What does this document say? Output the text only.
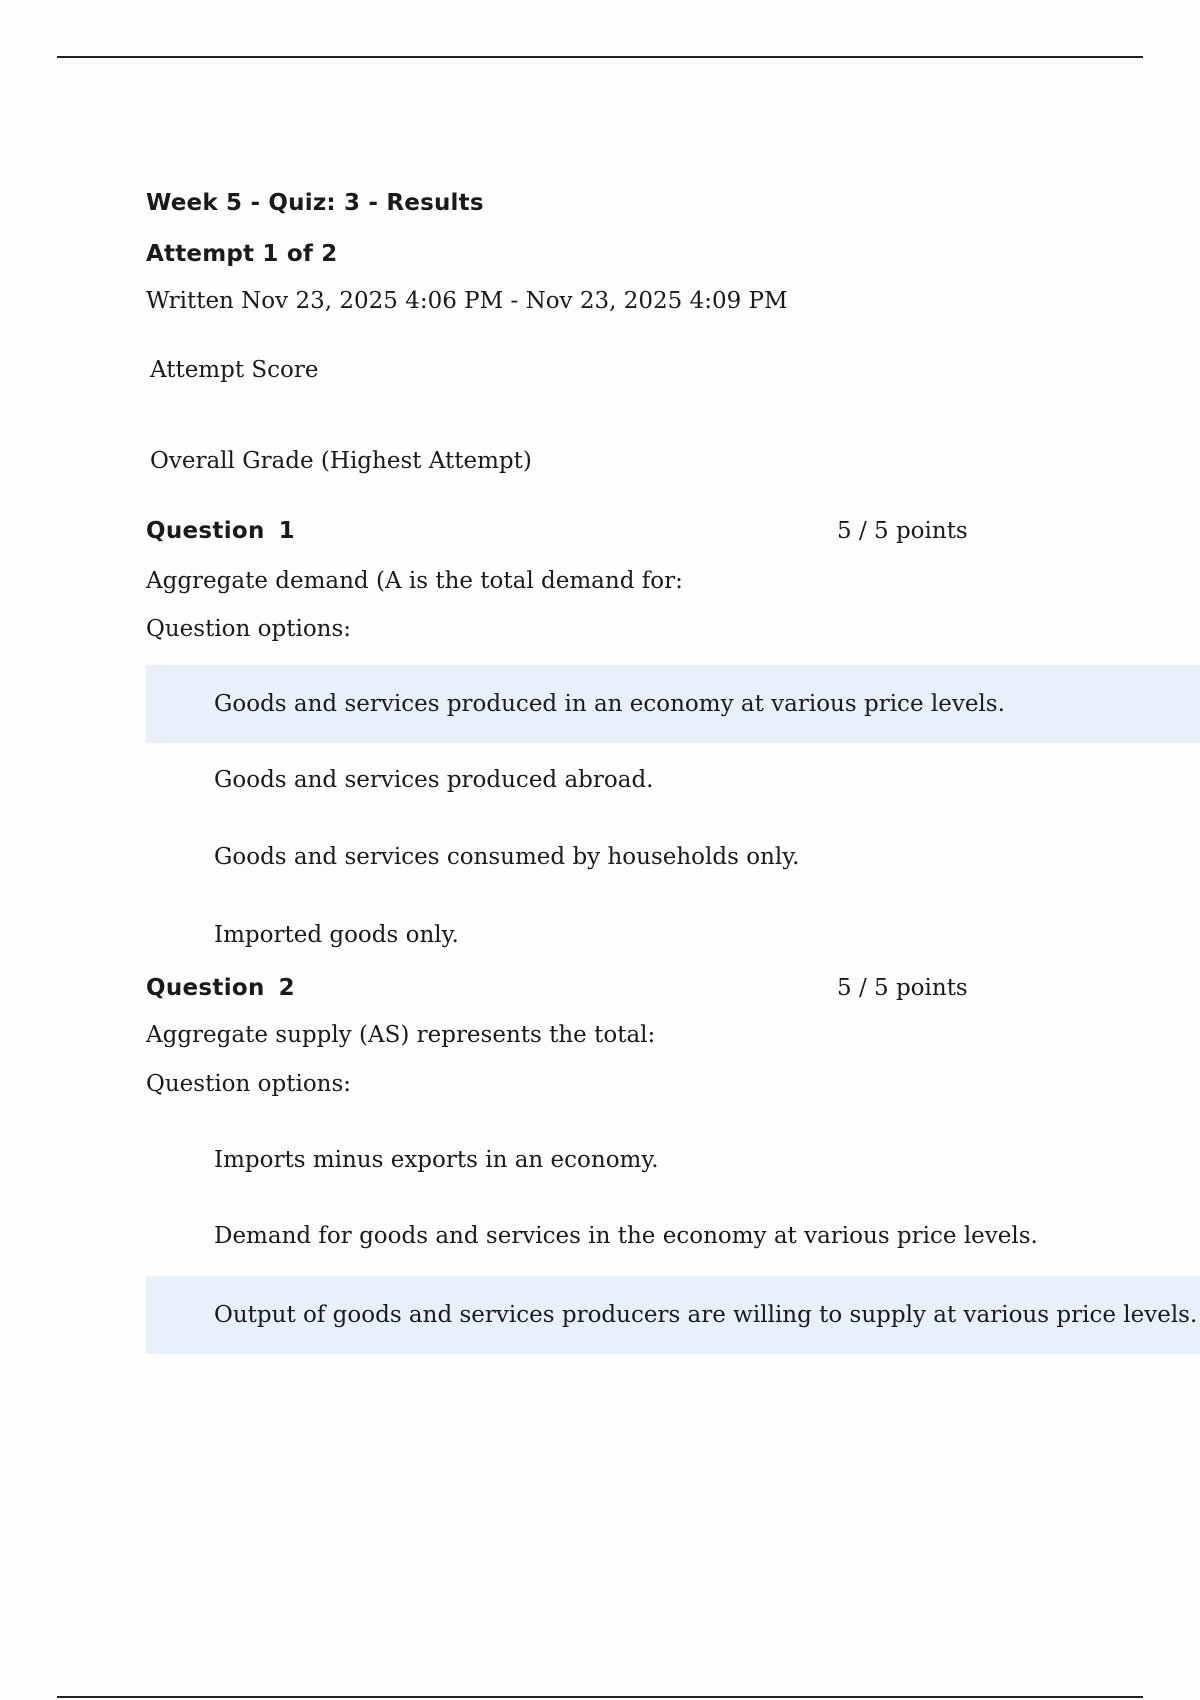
Week 5 - Quiz: 3 - Results
Attempt 1 of 2
Written Nov 23, 2025 4:06 PM - Nov 23, 2025 4:09 PM
Attempt Score
Overall Grade (Highest Attempt)
Question 1	5 / 5 points
Aggregate demand (A is the total demand for:
Question options:
Goods and services produced in an economy at various price levels.
Goods and services produced abroad.
Goods and services consumed by households only.
Imported goods only.
Question 2	5 / 5 points
Aggregate supply (AS) represents the total:
Question options:
Imports minus exports in an economy.
Demand for goods and services in the economy at various price levels.
Output of goods and services producers are willing to supply at various price levels.
